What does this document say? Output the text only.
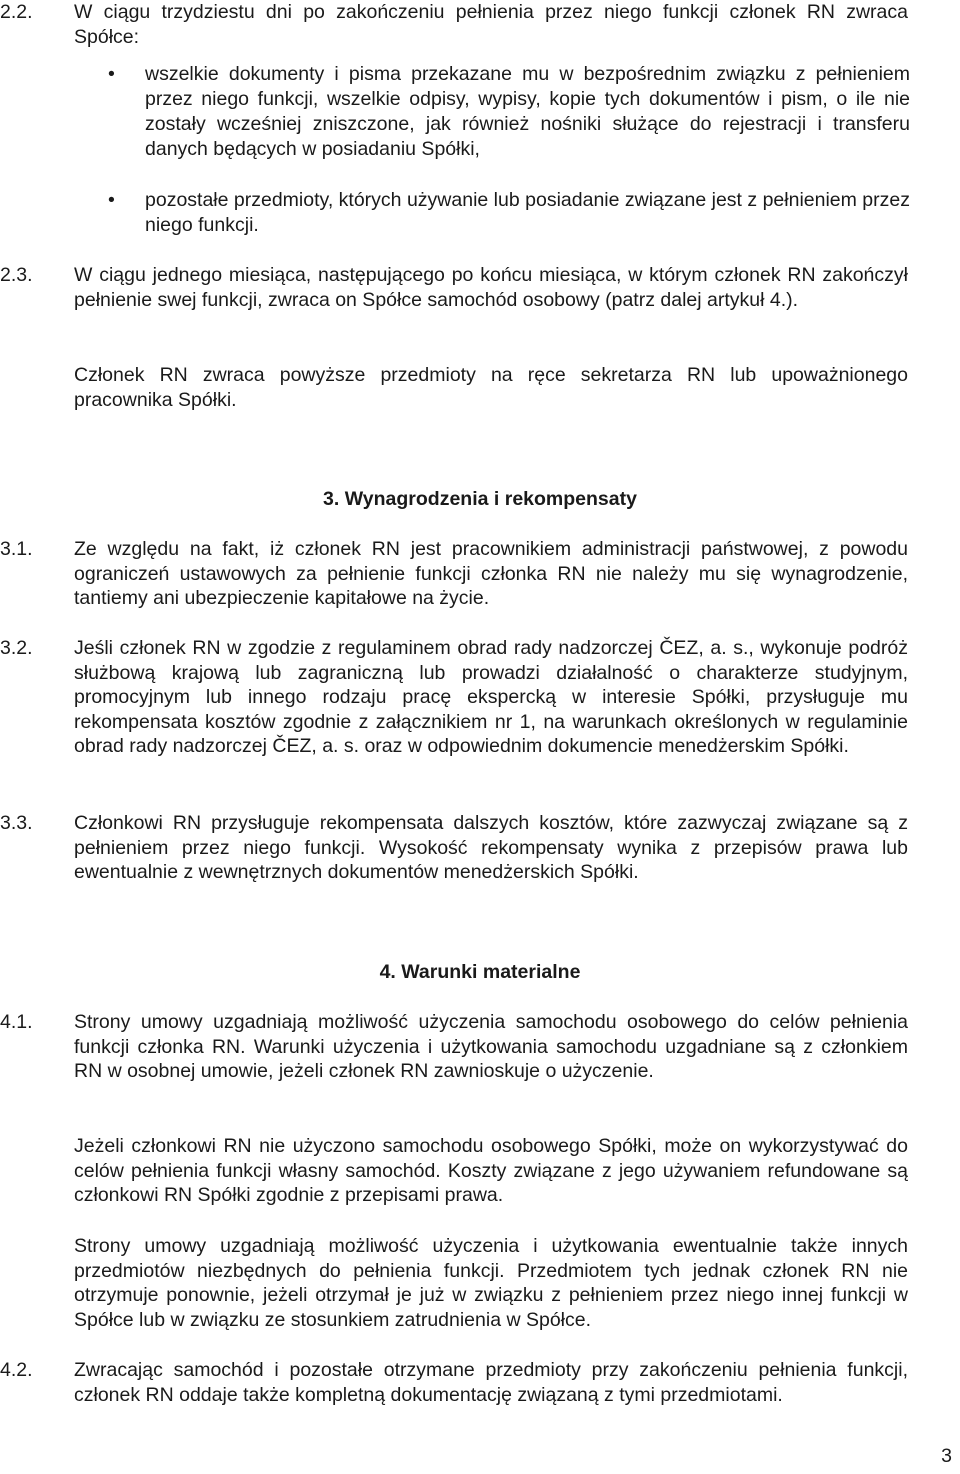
2.2. W ciągu trzydziestu dni po zakończeniu pełnienia przez niego funkcji członek RN zwraca Spółce:
• wszelkie dokumenty i pisma przekazane mu w bezpośrednim związku z pełnieniem przez niego funkcji, wszelkie odpisy, wypisy, kopie tych dokumentów i pism, o ile nie zostały wcześniej zniszczone, jak również nośniki służące do rejestracji i transferu danych będących w posiadaniu Spółki,
• pozostałe przedmioty, których używanie lub posiadanie związane jest z pełnieniem przez niego funkcji.
2.3. W ciągu jednego miesiąca, następującego po końcu miesiąca, w którym członek RN zakończył pełnienie swej funkcji, zwraca on Spółce samochód osobowy (patrz dalej artykuł 4.).
Członek RN zwraca powyższe przedmioty na ręce sekretarza RN lub upoważnionego pracownika Spółki.
3. Wynagrodzenia i rekompensaty
3.1. Ze względu na fakt, iż członek RN jest pracownikiem administracji państwowej, z powodu ograniczeń ustawowych za pełnienie funkcji członka RN nie należy mu się wynagrodzenie, tantiemy ani ubezpieczenie kapitałowe na życie.
3.2. Jeśli członek RN w zgodzie z regulaminem obrad rady nadzorczej ČEZ, a. s., wykonuje podróż służbową krajową lub zagraniczną lub prowadzi działalność o charakterze studyjnym, promocyjnym lub innego rodzaju pracę ekspercką w interesie Spółki, przysługuje mu rekompensata kosztów zgodnie z załącznikiem nr 1, na warunkach określonych w regulaminie obrad rady nadzorczej ČEZ, a. s. oraz w odpowiednim dokumencie menedżerskim Spółki.
3.3. Członkowi RN przysługuje rekompensata dalszych kosztów, które zazwyczaj związane są z pełnieniem przez niego funkcji. Wysokość rekompensaty wynika z przepisów prawa lub ewentualnie z wewnętrznych dokumentów menedżerskich Spółki.
4. Warunki materialne
4.1. Strony umowy uzgadniają możliwość użyczenia samochodu osobowego do celów pełnienia funkcji członka RN. Warunki użyczenia i użytkowania samochodu uzgadniane są z członkiem RN w osobnej umowie, jeżeli członek RN zawnioskuje o użyczenie.
Jeżeli członkowi RN nie użyczono samochodu osobowego Spółki, może on wykorzystywać do celów pełnienia funkcji własny samochód. Koszty związane z jego używaniem refundowane są członkowi RN Spółki zgodnie z przepisami prawa.
Strony umowy uzgadniają możliwość użyczenia i użytkowania ewentualnie także innych przedmiotów niezbędnych do pełnienia funkcji. Przedmiotem tych jednak członek RN nie otrzymuje ponownie, jeżeli otrzymał je już w związku z pełnieniem przez niego innej funkcji w Spółce lub w związku ze stosunkiem zatrudnienia w Spółce.
4.2. Zwracając samochód i pozostałe otrzymane przedmioty przy zakończeniu pełnienia funkcji, członek RN oddaje także kompletną dokumentację związaną z tymi przedmiotami.
3
